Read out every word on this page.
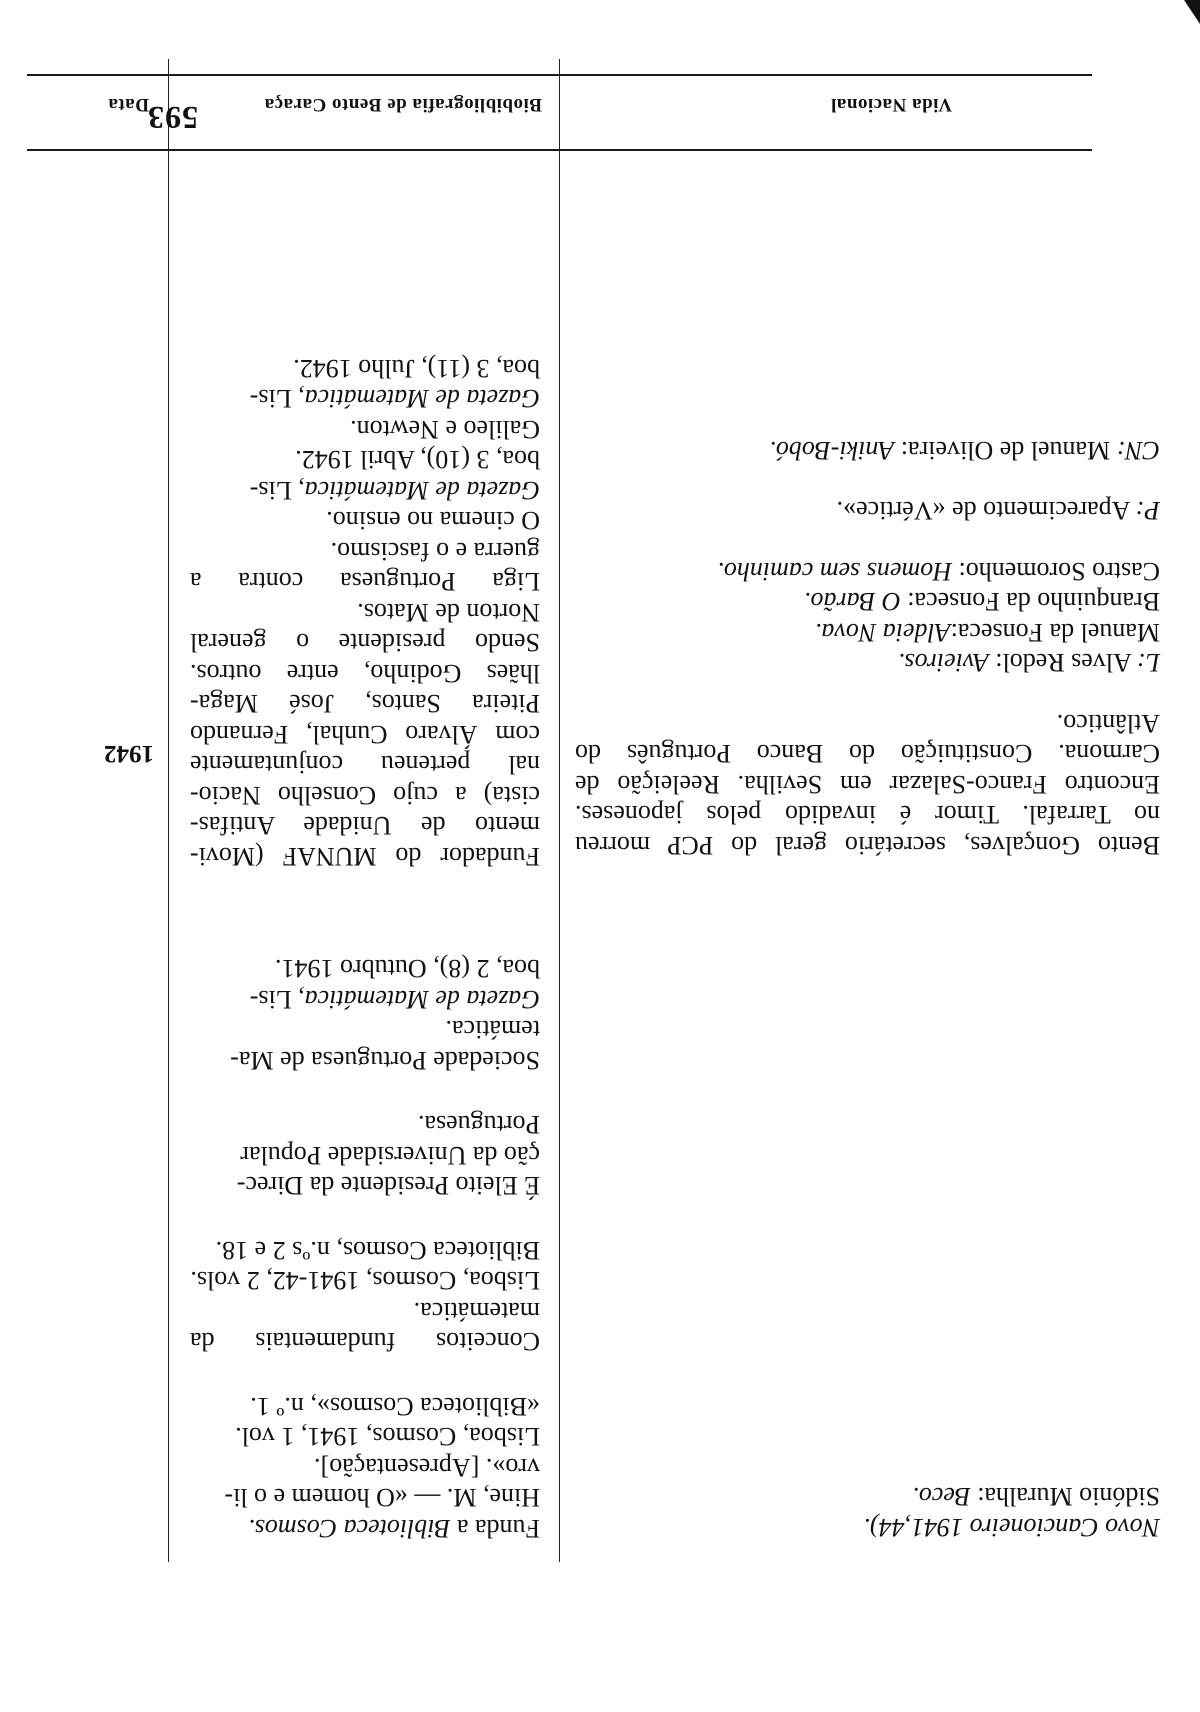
Vida Nacional
Biobibliografia de Bento Caraça
Data
1942
Funda a Biblioteca Cosmos.
Hine, M. — «O homem e o li-
vro». [Apresentação].
Lisboa, Cosmos, 1941, 1 vol.
«Biblioteca Cosmos», n.º 1.
Conceitos fundamentais da
matemática.
Lisboa, Cosmos, 1941-42, 2 vols.
Biblioteca Cosmos, n.ºs 2 e 18.
É Eleito Presidente da Direc-
ção da Universidade Popular
Portuguesa.
Sociedade Portuguesa de Ma-
temática.
Gazeta de Matemática, Lis-
boa, 2 (8), Outubro 1941.
Fundador do MUNAF (Movi-
mento de Unidade Antifas-
cista) a cujo Conselho Nacio-
nal perteneu conjuntamente
com Álvaro Cunhal, Fernando
Piteira Santos, José Maga-
lhães Godinho, entre outros.
Sendo presidente o general
Norton de Matos.
Liga Portuguesa contra a
guerra e o fascismo.
O cinema no ensino.
Gazeta de Matemática, Lis-
boa, 3 (10), Abril 1942.
Galileo e Newton.
Gazeta de Matemática, Lis-
boa, 3 (11), Julho 1942.
Novo Cancioneiro 1941,44).
Sidónio Muralha: Beco.
Bento Gonçalves, secretário geral do PCP morreu
no Tarrafal. Timor é invadido pelos japoneses.
Encontro Franco-Salazar em Sevilha. Reeleição de
Carmona. Constituição do Banco Português do
Atlântico.
L: Alves Redol: Avieiros.
Manuel da Fonseca:Aldeia Nova.
Branquinho da Fonseca: O Barão.
Castro Soromenho: Homens sem caminho.
P: Aparecimento de «Vértice».
CN: Manuel de Oliveira: Aniki-Bobó.
593
